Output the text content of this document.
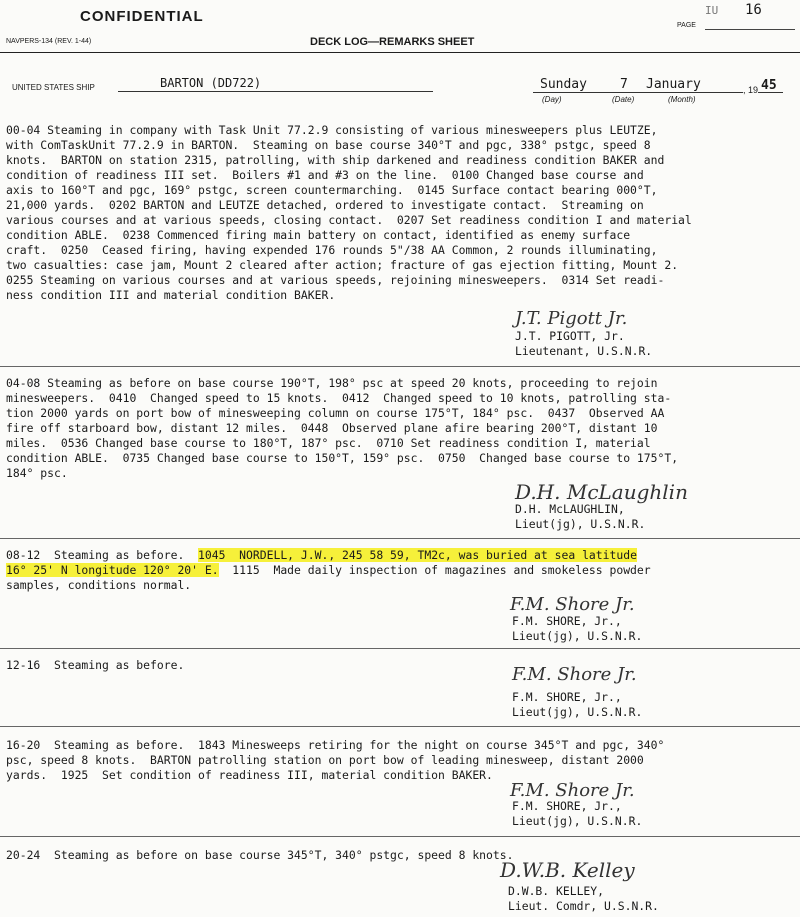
CONFIDENTIAL
NAVPERS-134 (REV. 1-44)	DECK LOG—REMARKS SHEET
IU
PAGE
16
UNITED STATES SHIP	BARTON (DD722)	Sunday	7 January
(Day)	(Date)	(Month)
, 19 45

00-04 Steaming in company with Task Unit 77.2.9 consisting of various minesweepers plus LEUTZE,

with ComTaskUnit 77.2.9 in BARTON.  Steaming on base course 340°T and pgc, 338° pstgc, speed 8

knots.  BARTON on station 2315, patrolling, with ship darkened and readiness condition BAKER and

condition of readiness III set.  Boilers #1 and #3 on the line.  0100 Changed base course and

axis to 160°T and pgc, 169° pstgc, screen countermarching.  0145 Surface contact bearing 000°T,

21,000 yards.  0202 BARTON and LEUTZE detached, ordered to investigate contact.  Streaming on

various courses and at various speeds, closing contact.  0207 Set readiness condition I and material

condition ABLE.  0238 Commenced firing main battery on contact, identified as enemy surface

craft.  0250  Ceased firing, having expended 176 rounds 5"/38 AA Common, 2 rounds illuminating,

two casualties: case jam, Mount 2 cleared after action; fracture of gas ejection fitting, Mount 2.

0255 Steaming on various courses and at various speeds, rejoining minesweepers.  0314 Set readi-

ness condition III and material condition BAKER.

J.T. Pigott Jr.

J.T. PIGOTT, Jr.

Lieutenant, U.S.N.R.

04-08 Steaming as before on base course 190°T, 198° psc at speed 20 knots, proceeding to rejoin

minesweepers.  0410  Changed speed to 15 knots.  0412  Changed speed to 10 knots, patrolling sta-

tion 2000 yards on port bow of minesweeping column on course 175°T, 184° psc.  0437  Observed AA

fire off starboard bow, distant 12 miles.  0448  Observed plane afire bearing 200°T, distant 10

miles.  0536 Changed base course to 180°T, 187° psc.  0710 Set readiness condition I, material

condition ABLE.  0735 Changed base course to 150°T, 159° psc.  0750  Changed base course to 175°T,

184° psc.

D.H. McLaughlin

D.H. McLAUGHLIN,

Lieut(jg), U.S.N.R.

08-12  Steaming as before.  1045  NORDELL, J.W., 245 58 59, TM2c, was buried at sea latitude

16° 25' N longitude 120° 20' E.  1115  Made daily inspection of magazines and smokeless powder

samples, conditions normal.

F.M. Shore Jr.

F.M. SHORE, Jr.,

Lieut(jg), U.S.N.R.

12-16  Steaming as before.	F.M. Shore Jr.

F.M. SHORE, Jr.,

Lieut(jg), U.S.N.R.

16-20  Steaming as before.  1843 Minesweeps retiring for the night on course 345°T and pgc, 340°

psc, speed 8 knots.  BARTON patrolling station on port bow of leading minesweep, distant 2000

yards.  1925  Set condition of readiness III, material condition BAKER.

F.M. Shore Jr.

F.M. SHORE, Jr.,

Lieut(jg), U.S.N.R.

20-24  Steaming as before on base course 345°T, 340° pstgc, speed 8 knots.

D.W.B. Kelley

D.W.B. KELLEY,

Lieut. Comdr, U.S.N.R.
